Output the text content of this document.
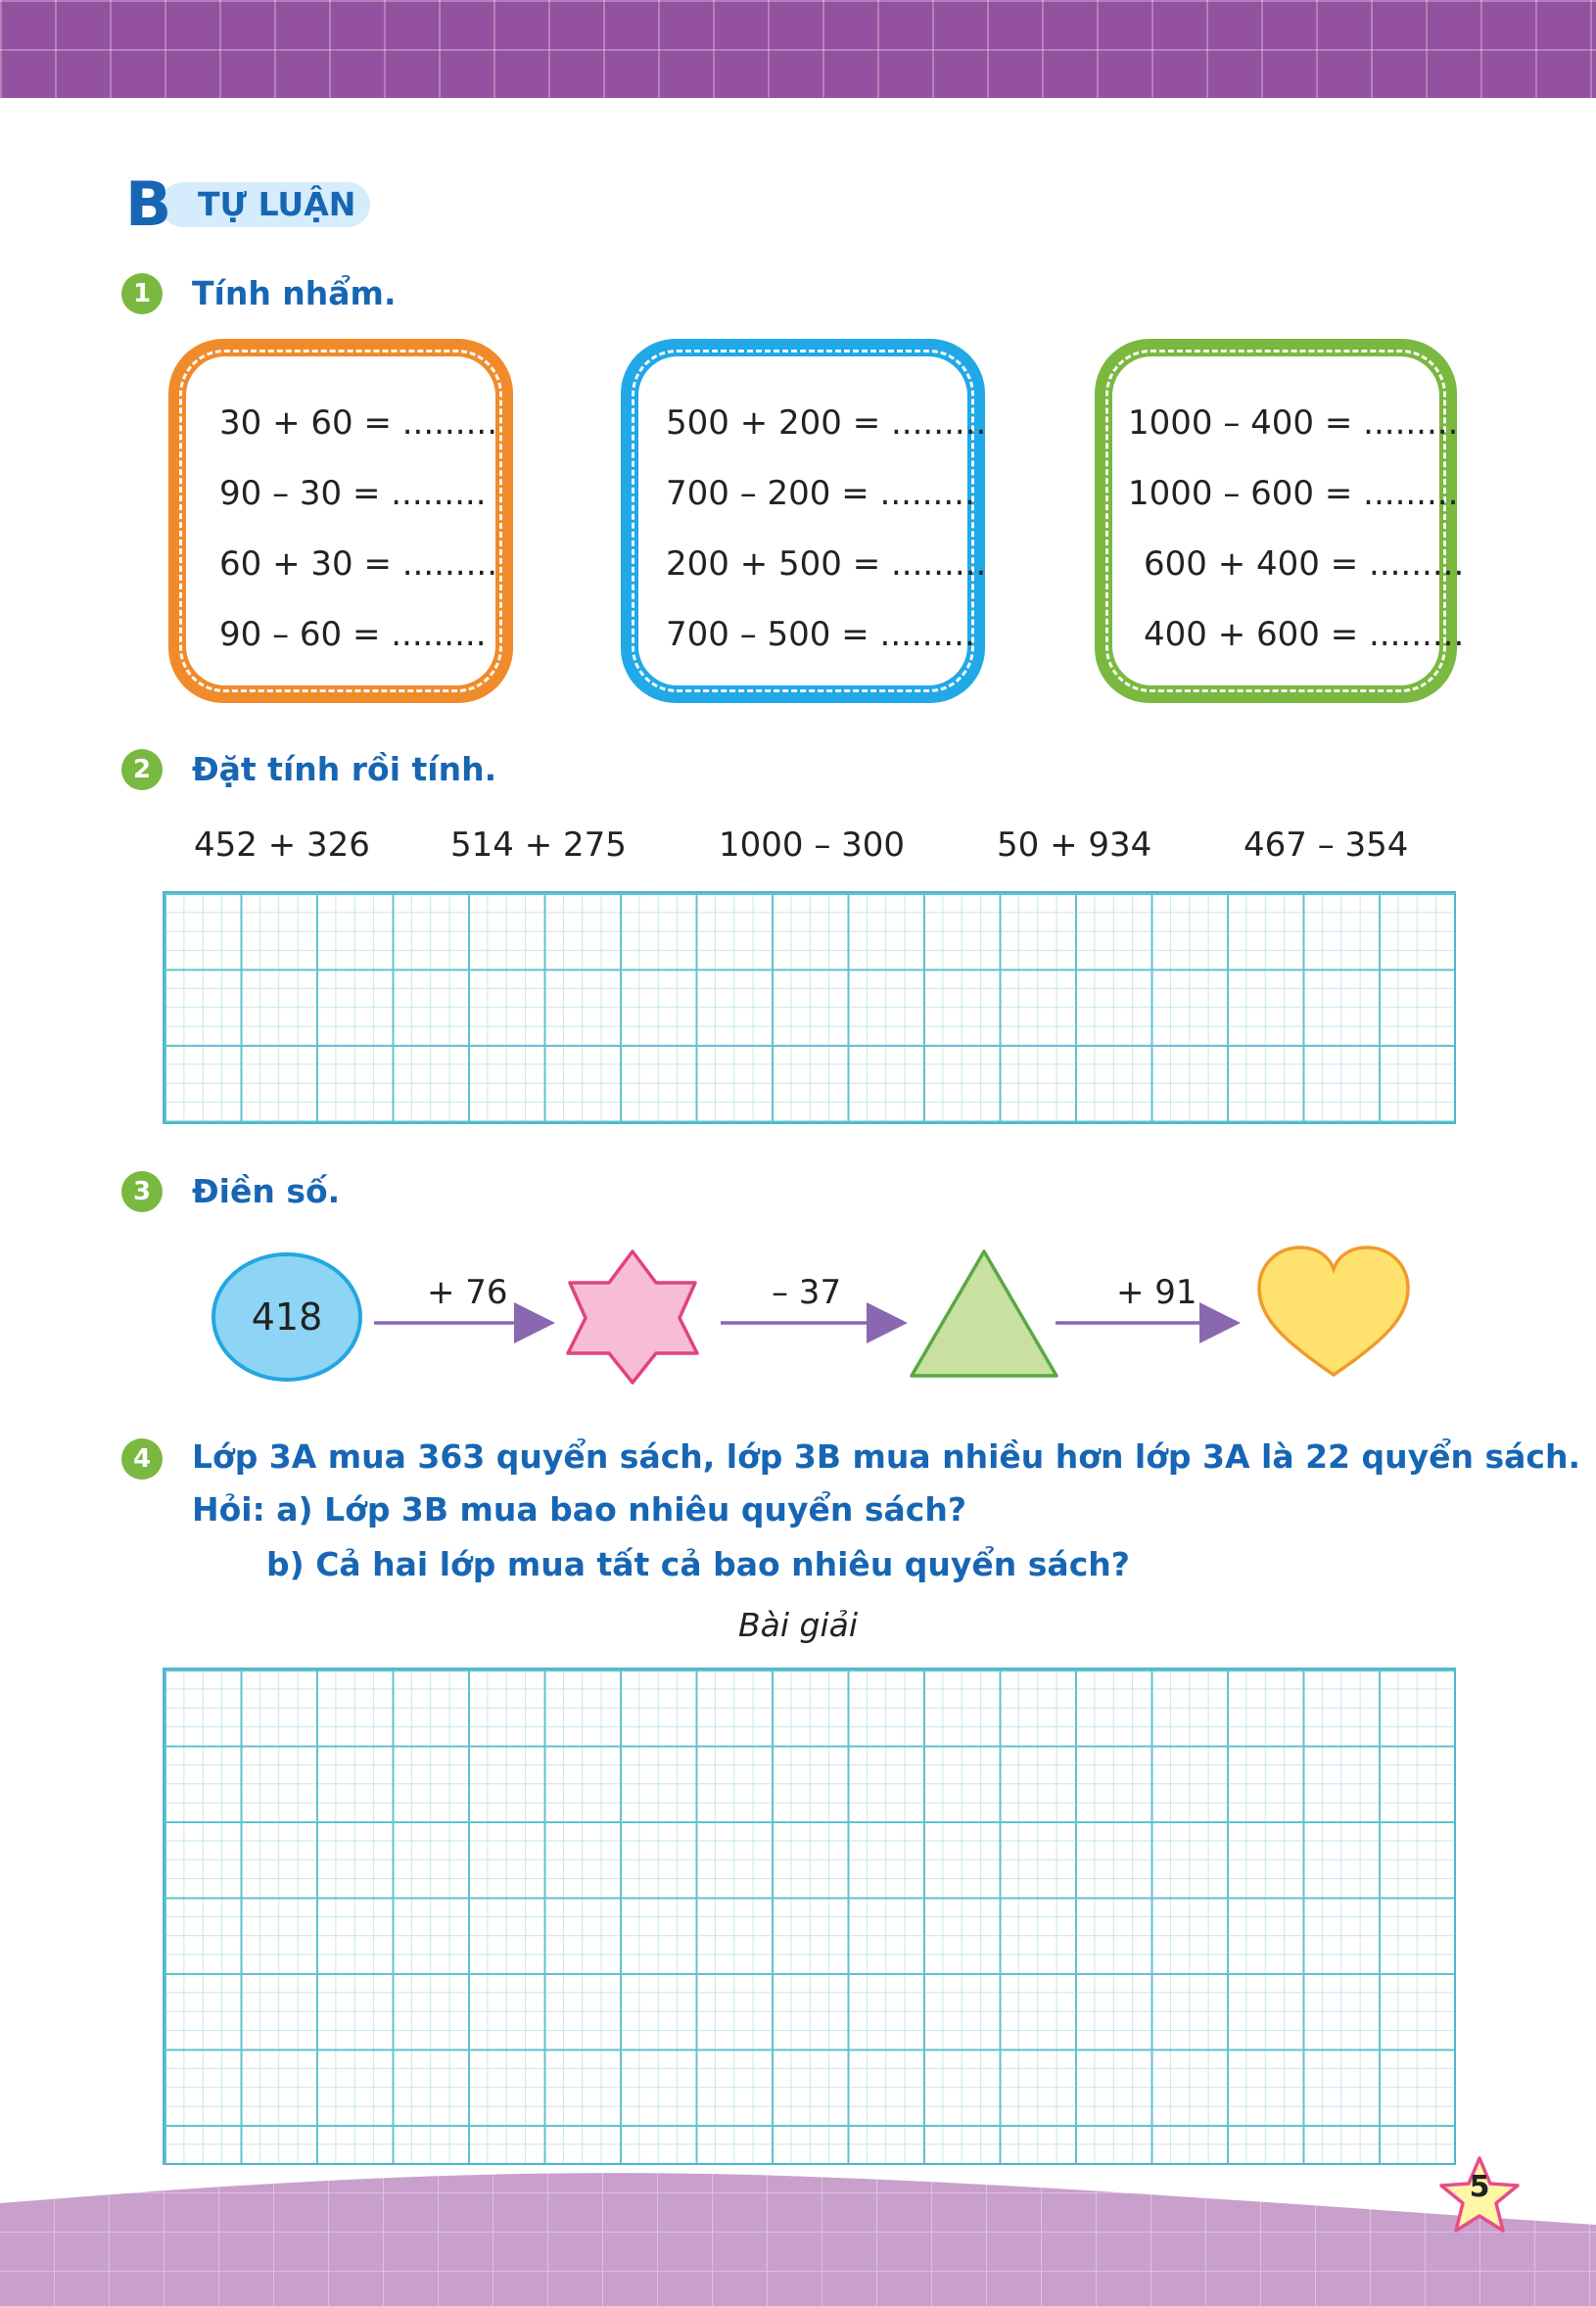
B TỰ LUẬN
1	Tính nhẩm.
30 + 60 = .........
90 – 30 = .........
60 + 30 = .........
90 – 60 = .........
500 + 200 = .........
700 – 200 = .........
200 + 500 = .........
700 – 500 = .........
1000 – 400 = .........
1000 – 600 = .........
600 + 400 = .........
400 + 600 = .........
2	Đặt tính rồi tính.
452 + 326 514 + 275	1000 – 300	50 + 934	467 – 354
3	Điền số.
418
+ 76	– 37	+ 91
4	Lớp 3A mua 363 quyển sách, lớp 3B mua nhiều hơn lớp 3A là 22 quyển sách.
Hỏi: a) Lớp 3B mua bao nhiêu quyển sách?
b) Cả hai lớp mua tất cả bao nhiêu quyển sách?
Bài giải
5
